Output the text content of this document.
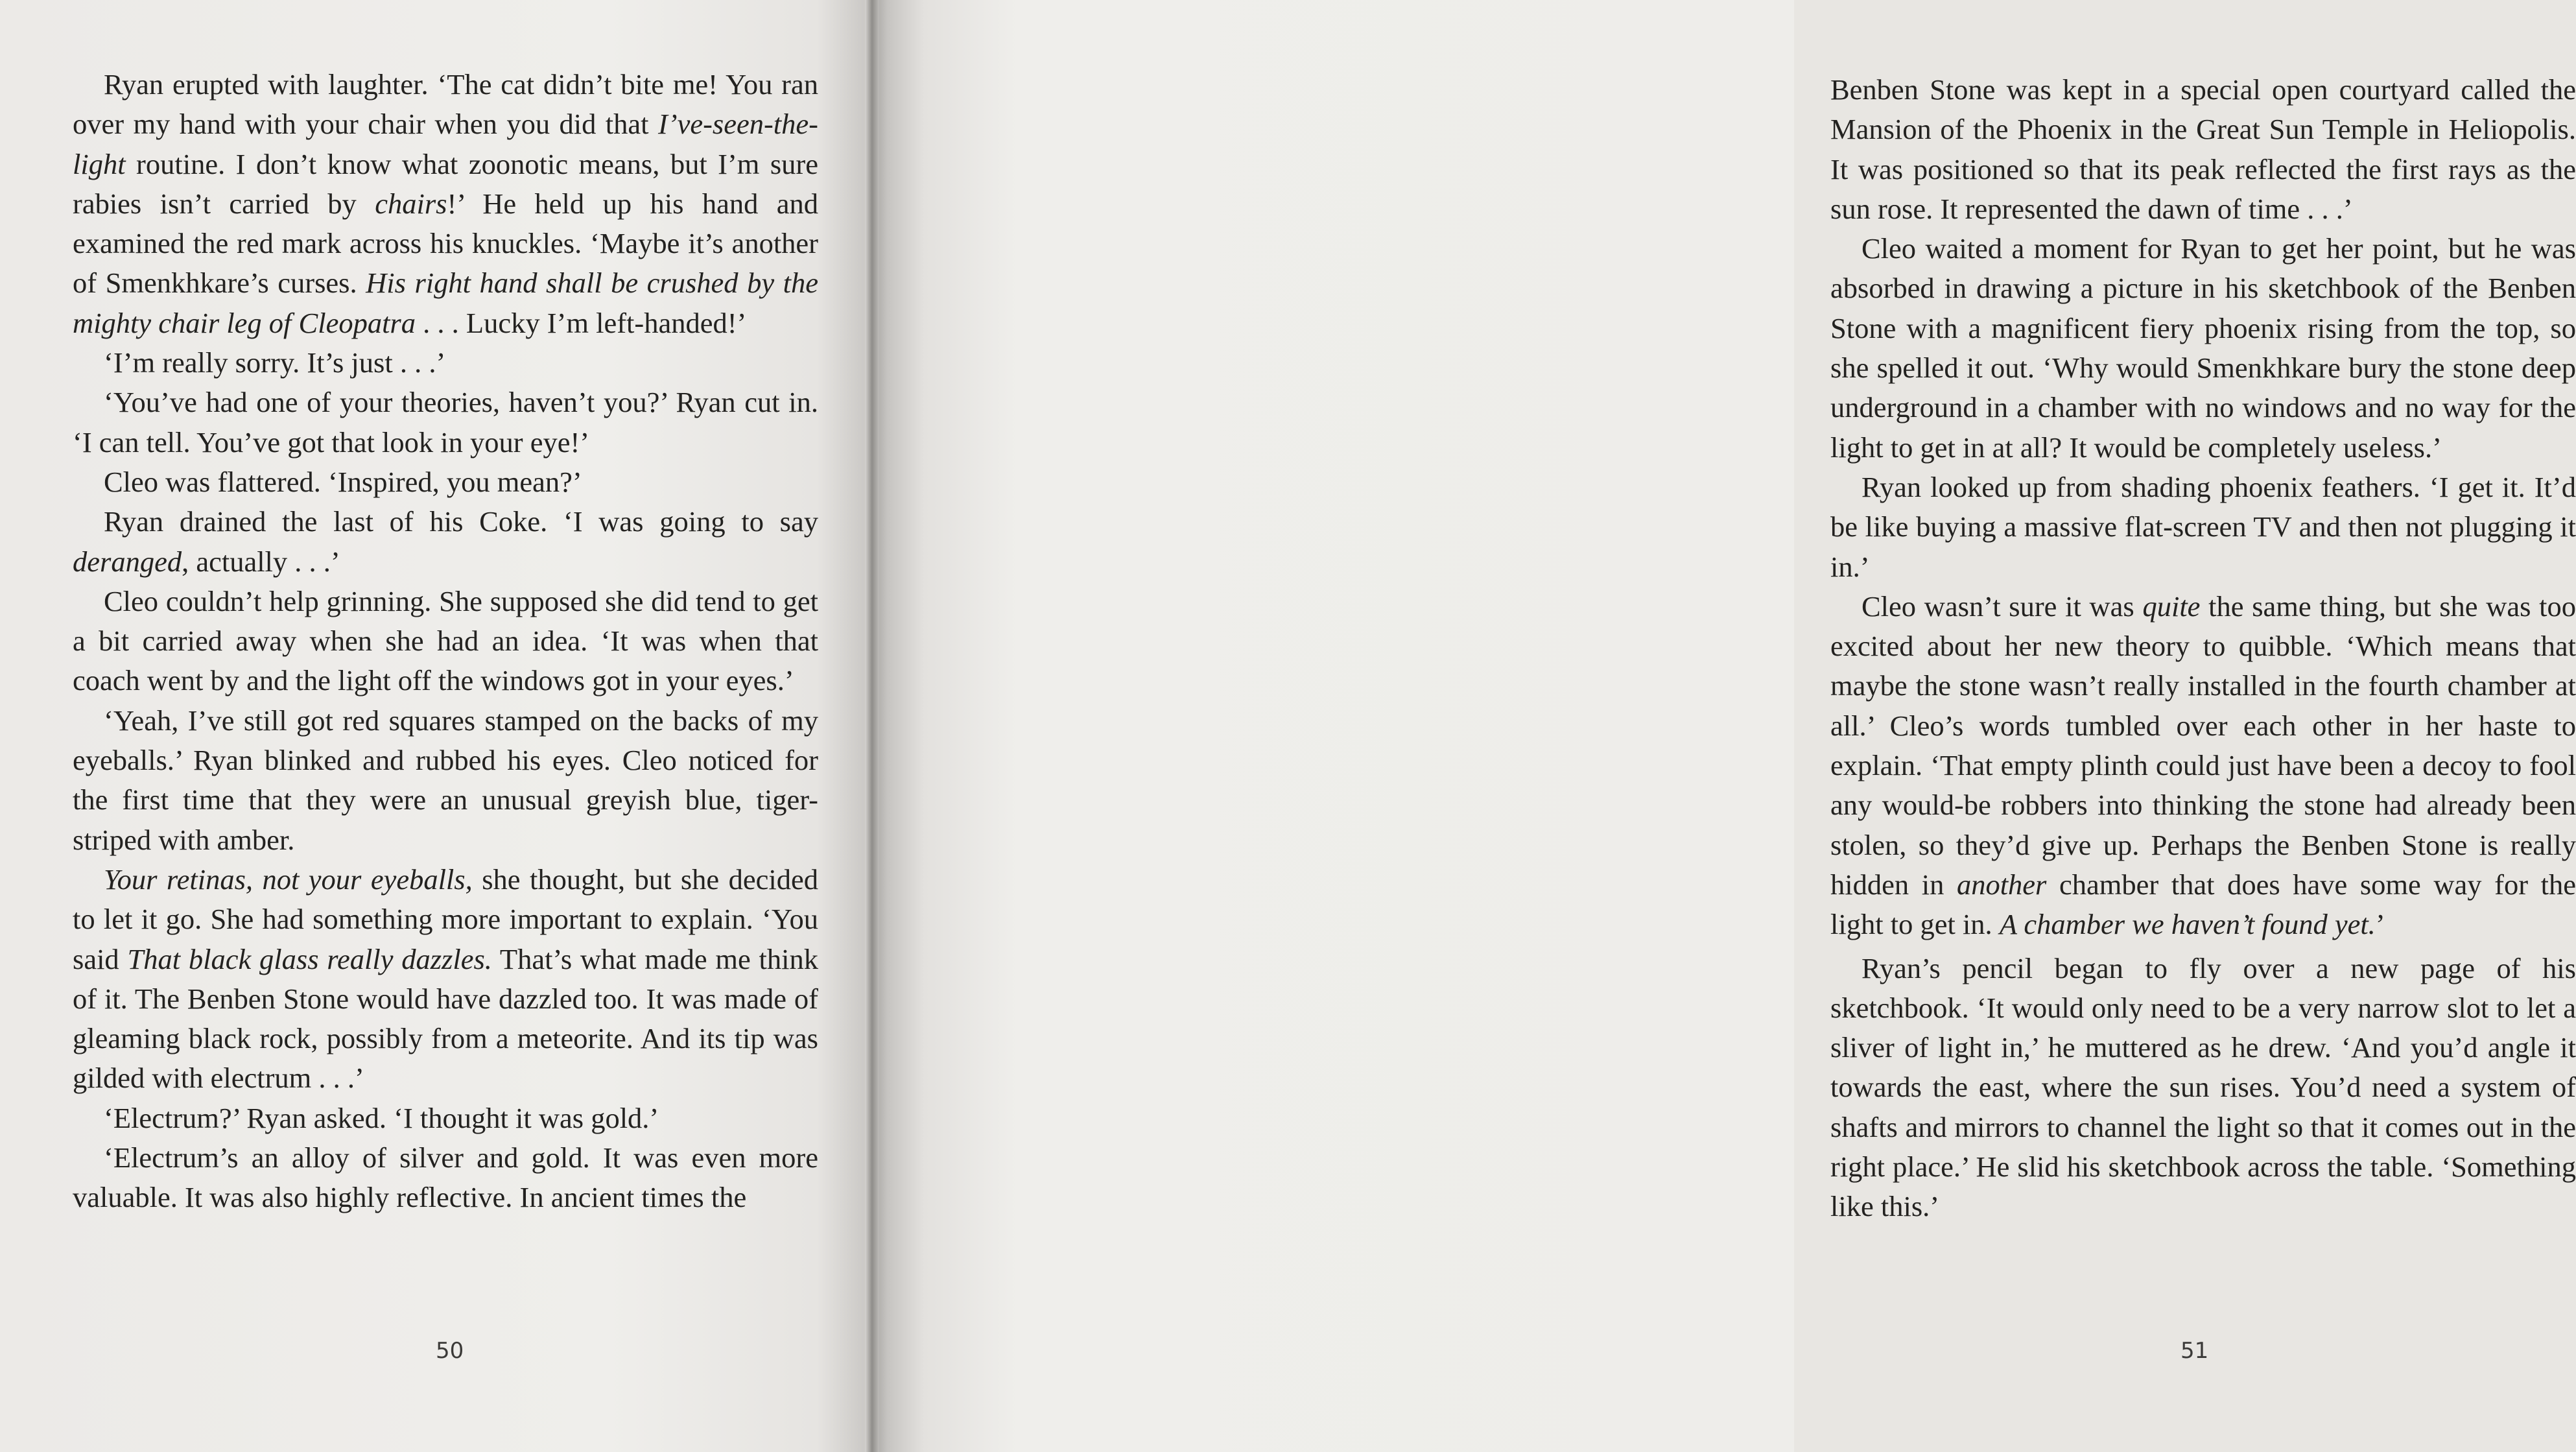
Ryan erupted with laughter. ‘The cat didn’t bite me! You ran over my hand with your chair when you did that I’ve-seen-the-light routine. I don’t know what zoonotic means, but I’m sure rabies isn’t carried by chairs!’ He held up his hand and examined the red mark across his knuckles. ‘Maybe it’s another of Smenkhkare’s curses. His right hand shall be crushed by the mighty chair leg of Cleopatra . . . Lucky I’m left-handed!’

‘I’m really sorry. It’s just . . .’

‘You’ve had one of your theories, haven’t you?’ Ryan cut in. ‘I can tell. You’ve got that look in your eye!’

Cleo was flattered. ‘Inspired, you mean?’

Ryan drained the last of his Coke. ‘I was going to say deranged, actually . . .’

Cleo couldn’t help grinning. She supposed she did tend to get a bit carried away when she had an idea. ‘It was when that coach went by and the light off the windows got in your eyes.’

‘Yeah, I’ve still got red squares stamped on the backs of my eyeballs.’ Ryan blinked and rubbed his eyes. Cleo noticed for the first time that they were an unusual greyish blue, tiger-striped with amber.

Your retinas, not your eyeballs, she thought, but she decided to let it go. She had something more important to explain. ‘You said That black glass really dazzles. That’s what made me think of it. The Benben Stone would have dazzled too. It was made of gleaming black rock, possibly from a meteorite. And its tip was gilded with electrum . . .’

‘Electrum?’ Ryan asked. ‘I thought it was gold.’

‘Electrum’s an alloy of silver and gold. It was even more valuable. It was also highly reflective. In ancient times the

50

Benben Stone was kept in a special open courtyard called the Mansion of the Phoenix in the Great Sun Temple in Heliopolis. It was positioned so that its peak reflected the first rays as the sun rose. It represented the dawn of time . . .’

Cleo waited a moment for Ryan to get her point, but he was absorbed in drawing a picture in his sketchbook of the Benben Stone with a magnificent fiery phoenix rising from the top, so she spelled it out. ‘Why would Smenkhkare bury the stone deep underground in a chamber with no windows and no way for the light to get in at all? It would be completely useless.’

Ryan looked up from shading phoenix feathers. ‘I get it. It’d be like buying a massive flat-screen TV and then not plugging it in.’

Cleo wasn’t sure it was quite the same thing, but she was too excited about her new theory to quibble. ‘Which means that maybe the stone wasn’t really installed in the fourth chamber at all.’ Cleo’s words tumbled over each other in her haste to explain. ‘That empty plinth could just have been a decoy to fool any would-be robbers into thinking the stone had already been stolen, so they’d give up. Perhaps the Benben Stone is really hidden in another chamber that does have some way for the light to get in. A chamber we haven’t found yet.’

Ryan’s pencil began to fly over a new page of his sketchbook. ‘It would only need to be a very narrow slot to let a sliver of light in,’ he muttered as he drew. ‘And you’d angle it towards the east, where the sun rises. You’d need a system of shafts and mirrors to channel the light so that it comes out in the right place.’ He slid his sketchbook across the table. ‘Something like this.’

51
